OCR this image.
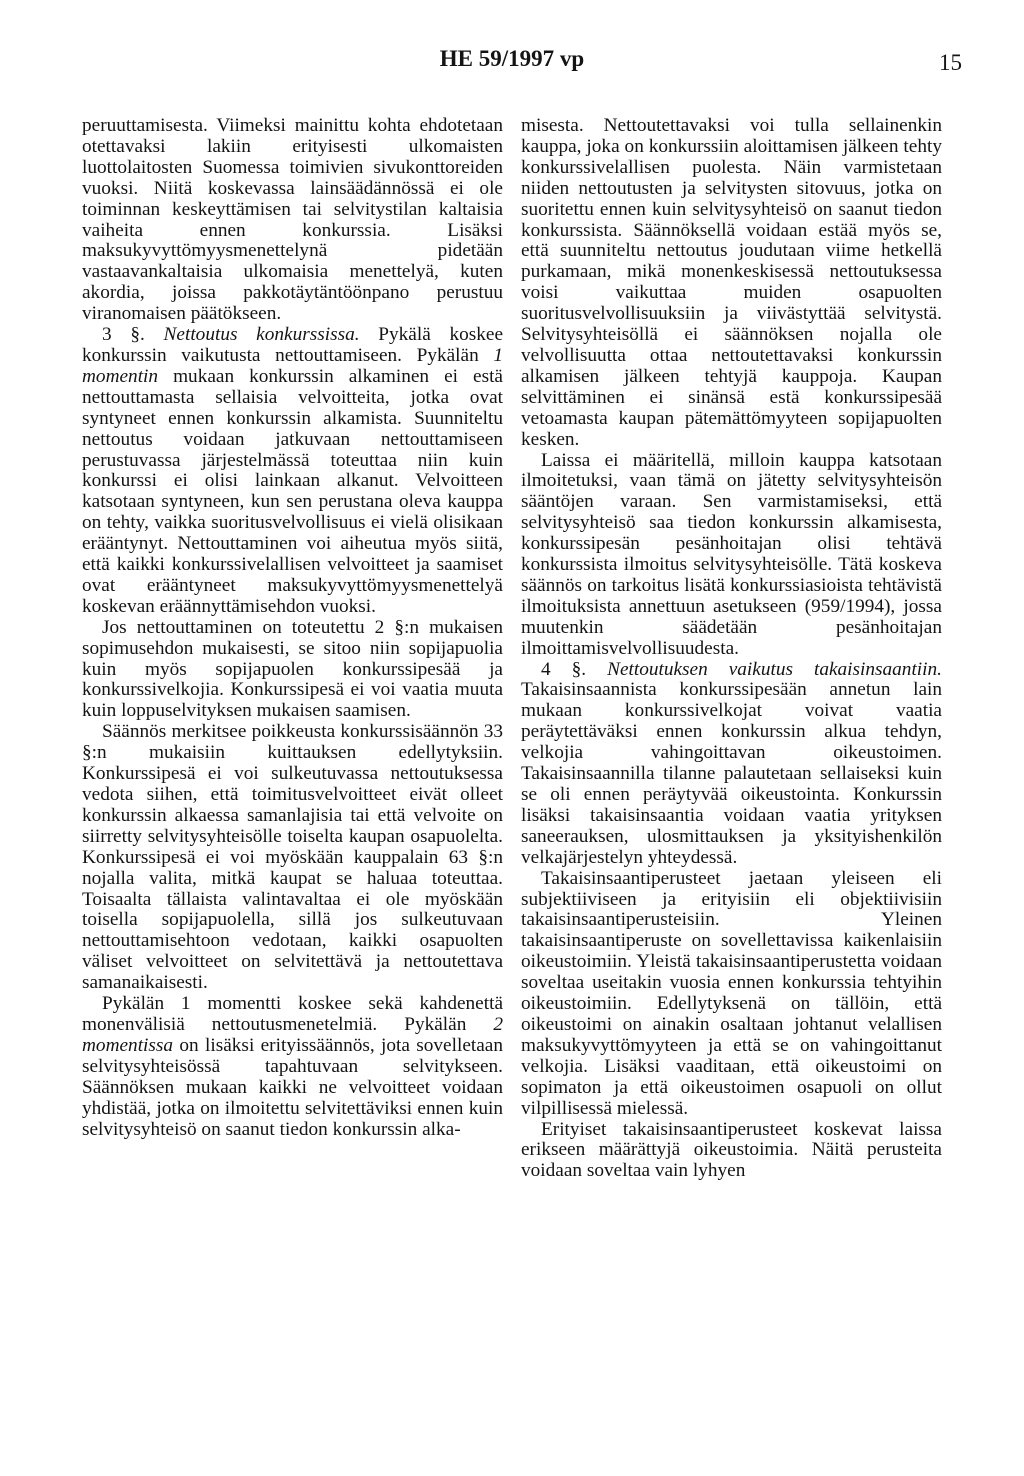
HE 59/1997 vp	15

peruuttamisesta. Viimeksi mainittu kohta ehdotetaan otettavaksi lakiin erityisesti ulkomaisten luottolaitosten Suomessa toimivien sivukonttoreiden vuoksi. Niitä koskevassa lainsäädännössä ei ole toiminnan keskeyttämisen tai selvitystilan kaltaisia vaiheita ennen konkurssia. Lisäksi maksukyvyttömyysmenettelynä pidetään vastaavankaltaisia ulkomaisia menettelyä, kuten akordia, joissa pakkotäytäntöönpano perustuu viranomaisen päätökseen.

3 §. Nettoutus konkurssissa. Pykälä koskee konkurssin vaikutusta nettouttamiseen. Pykälän 1 momentin mukaan konkurssin alkaminen ei estä nettouttamasta sellaisia velvoitteita, jotka ovat syntyneet ennen konkurssin alkamista. Suunniteltu nettoutus voidaan jatkuvaan nettouttamiseen perustuvassa järjestelmässä toteuttaa niin kuin konkurssi ei olisi lainkaan alkanut. Velvoitteen katsotaan syntyneen, kun sen perustana oleva kauppa on tehty, vaikka suoritusvelvollisuus ei vielä olisikaan erääntynyt. Nettouttaminen voi aiheutua myös siitä, että kaikki konkurssivelallisen velvoitteet ja saamiset ovat erääntyneet maksukyvyttömyysmenettelyä koskevan eräännyttämisehdon vuoksi.

Jos nettouttaminen on toteutettu 2 §:n mukaisen sopimusehdon mukaisesti, se sitoo niin sopijapuolia kuin myös sopijapuolen konkurssipesää ja konkurssivelkojia. Konkurssipesä ei voi vaatia muuta kuin loppuselvityksen mukaisen saamisen.

Säännös merkitsee poikkeusta konkurssisäännön 33 §:n mukaisiin kuittauksen edellytyksiin. Konkurssipesä ei voi sulkeutuvassa nettoutuksessa vedota siihen, että toimitusvelvoitteet eivät olleet konkurssin alkaessa samanlajisia tai että velvoite on siirretty selvitysyhteisölle toiselta kaupan osapuolelta. Konkurssipesä ei voi myöskään kauppalain 63 §:n nojalla valita, mitkä kaupat se haluaa toteuttaa. Toisaalta tällaista valintavaltaa ei ole myöskään toisella sopijapuolella, sillä jos sulkeutuvaan nettouttamisehtoon vedotaan, kaikki osapuolten väliset velvoitteet on selvitettävä ja nettoutettava samanaikaisesti.

Pykälän 1 momentti koskee sekä kahdenettä monenvälisiä nettoutusmenetelmiä. Pykälän 2 momentissa on lisäksi erityissäännös, jota sovelletaan selvitysyhteisössä tapahtuvaan selvitykseen. Säännöksen mukaan kaikki ne velvoitteet voidaan yhdistää, jotka on ilmoitettu selvitettäviksi ennen kuin selvitysyhteisö on saanut tiedon konkurssin alka-

misesta. Nettoutettavaksi voi tulla sellainenkin kauppa, joka on konkurssiin aloittamisen jälkeen tehty konkurssivelallisen puolesta. Näin varmistetaan niiden nettoutusten ja selvitysten sitovuus, jotka on suoritettu ennen kuin selvitysyhteisö on saanut tiedon konkurssista. Säännöksellä voidaan estää myös se, että suunniteltu nettoutus joudutaan viime hetkellä purkamaan, mikä monenkeskisessä nettoutuksessa voisi vaikuttaa muiden osapuolten suoritusvelvollisuuksiin ja viivästyttää selvitystä. Selvitysyhteisöllä ei säännöksen nojalla ole velvollisuutta ottaa nettoutettavaksi konkurssin alkamisen jälkeen tehtyjä kauppoja. Kaupan selvittäminen ei sinänsä estä konkurssipesää vetoamasta kaupan pätemättömyyteen sopijapuolten kesken.

Laissa ei määritellä, milloin kauppa katsotaan ilmoitetuksi, vaan tämä on jätetty selvitysyhteisön sääntöjen varaan. Sen varmistamiseksi, että selvitysyhteisö saa tiedon konkurssin alkamisesta, konkurssipesän pesänhoitajan olisi tehtävä konkurssista ilmoitus selvitysyhteisölle. Tätä koskeva säännös on tarkoitus lisätä konkurssiasioista tehtävistä ilmoituksista annettuun asetukseen (959/1994), jossa muutenkin säädetään pesänhoitajan ilmoittamisvelvollisuudesta.

4 §. Nettoutuksen vaikutus takaisinsaantiin. Takaisinsaannista konkurssipesään annetun lain mukaan konkurssivelkojat voivat vaatia peräytettäväksi ennen konkurssin alkua tehdyn, velkojia vahingoittavan oikeustoimen. Takaisinsaannilla tilanne palautetaan sellaiseksi kuin se oli ennen peräytyvää oikeustointa. Konkurssin lisäksi takaisinsaantia voidaan vaatia yrityksen saneerauksen, ulosmittauksen ja yksityishenkilön velkajärjestelyn yhteydessä.

Takaisinsaantiperusteet jaetaan yleiseen eli subjektiiviseen ja erityisiin eli objektiivisiin takaisinsaantiperusteisiin. Yleinen takaisinsaantiperuste on sovellettavissa kaikenlaisiin oikeustoimiin. Yleistä takaisinsaantiperustetta voidaan soveltaa useitakin vuosia ennen konkurssia tehtyihin oikeustoimiin. Edellytyksenä on tällöin, että oikeustoimi on ainakin osaltaan johtanut velallisen maksukyvyttömyyteen ja että se on vahingoittanut velkojia. Lisäksi vaaditaan, että oikeustoimi on sopimaton ja että oikeustoimen osapuoli on ollut vilpillisessä mielessä.

Erityiset takaisinsaantiperusteet koskevat laissa erikseen määrättyjä oikeustoimia. Näitä perusteita voidaan soveltaa vain lyhyen
